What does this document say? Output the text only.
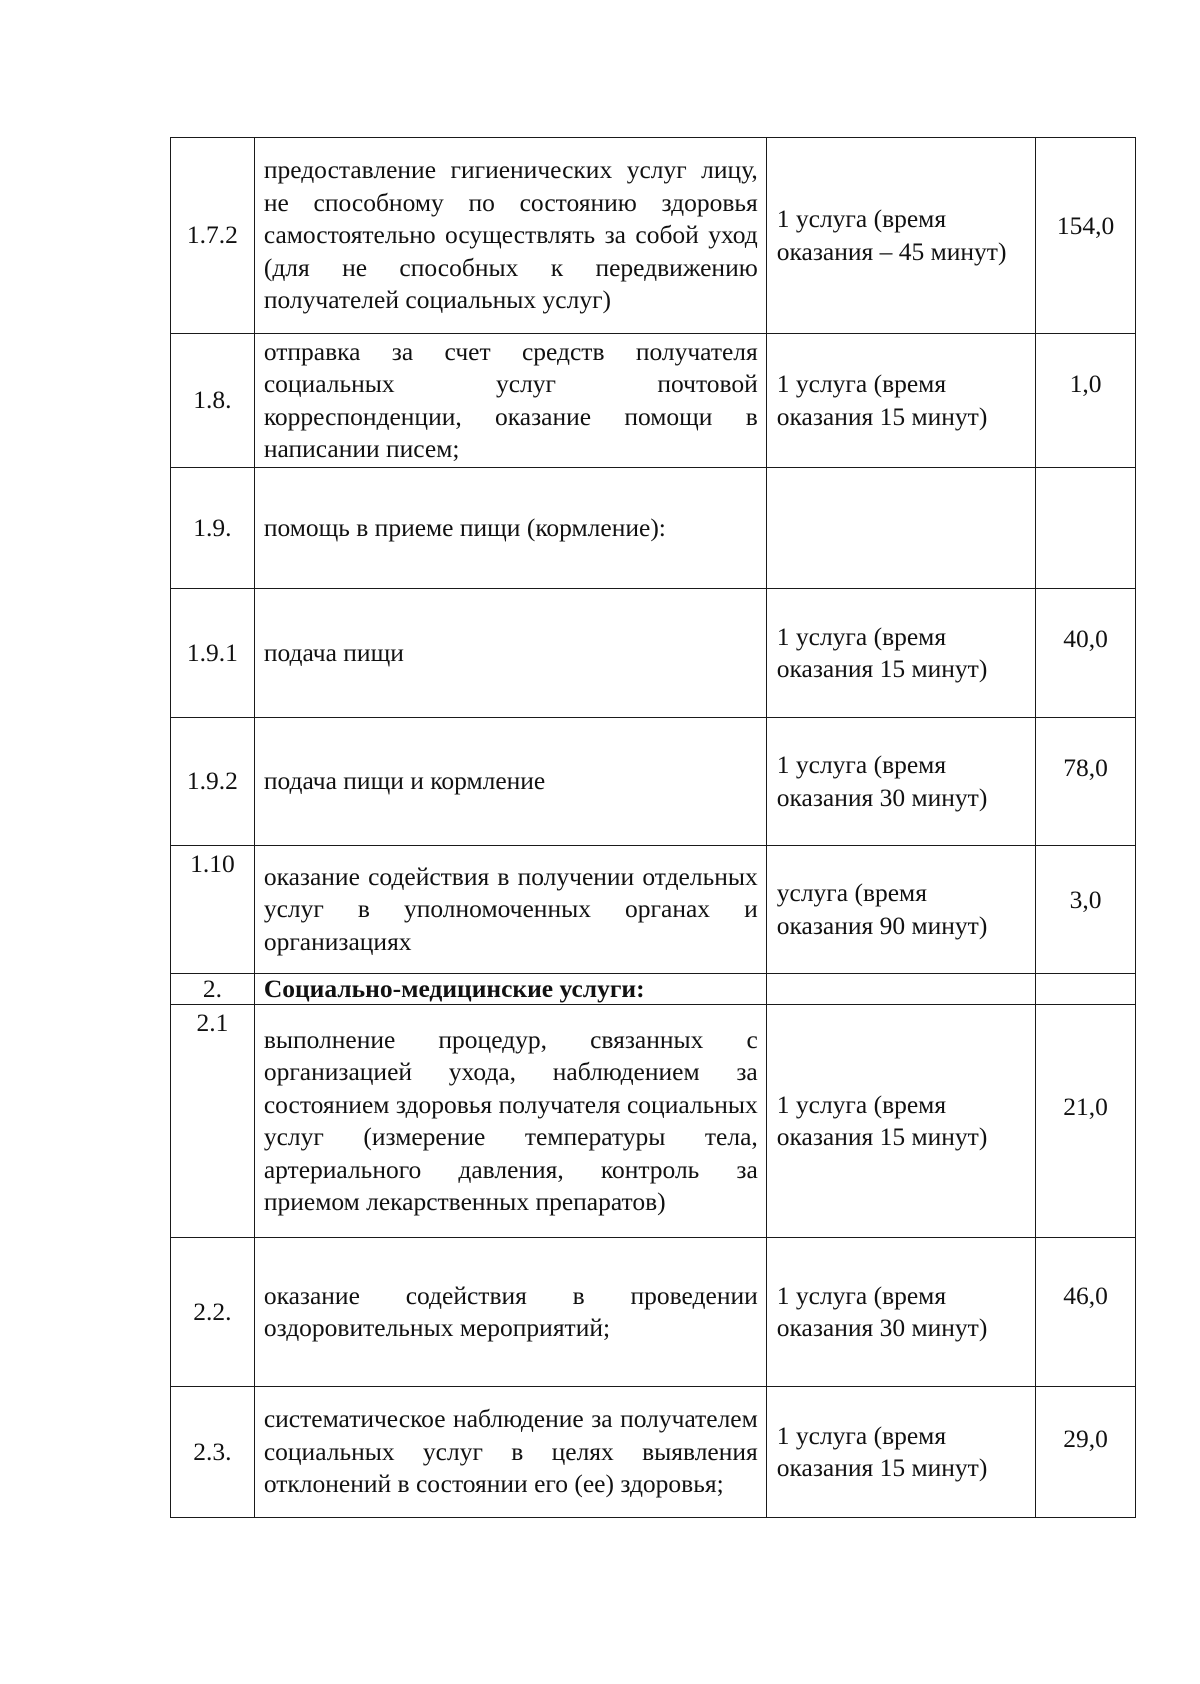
1.7.2
предоставление гигиенических услуг лицу, не способному по состоянию здоровья самостоятельно осуществлять за собой уход (для не способных к передвижению получателей социальных услуг)
1 услуга (время оказания – 45 минут)
154,0
1.8.
отправка за счет средств получателя социальных услуг почтовой корреспонденции, оказание помощи в написании писем;
1 услуга (время оказания 15 минут)
1,0
1.9. помощь в приеме пищи (кормление):
1.9.1 подача пищи
1 услуга (время оказания 15 минут)
40,0
1.9.2 подача пищи и кормление
1 услуга (время оказания 30 минут)
78,0
1.10 оказание содействия в получении отдельных услуг в уполномоченных органах и организациях
услуга (время оказания 90 минут)
3,0
2. Социально-медицинские услуги:
2.1
выполнение процедур, связанных с организацией ухода, наблюдением за состоянием здоровья получателя социальных услуг (измерение температуры тела, артериального давления, контроль за приемом лекарственных препаратов)
1 услуга (время оказания 15 минут)
21,0
2.2.
оказание содействия в проведении оздоровительных мероприятий;
1 услуга (время оказания 30 минут)
46,0
2.3.
систематическое наблюдение за получателем социальных услуг в целях выявления отклонений в состоянии его (ее) здоровья;
1 услуга (время оказания 15 минут)
29,0
